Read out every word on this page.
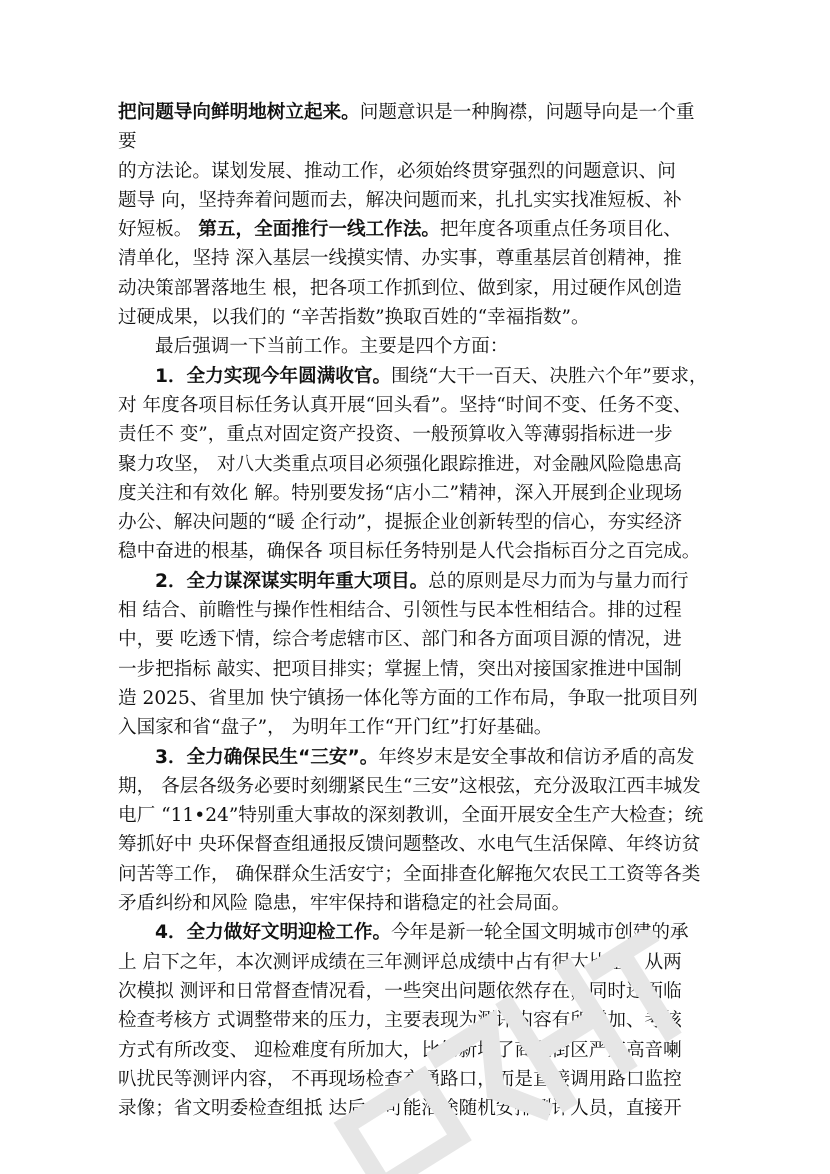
把问题导向鲜明地树立起来。问题意识是一种胸襟，问题导向是一个重
要
的方法论。谋划发展、推动工作，必须始终贯穿强烈的问题意识、问
题导 向，坚持奔着问题而去，解决问题而来，扎扎实实找准短板、补
好短板。 第五，全面推行一线工作法。把年度各项重点任务项目化、
清单化，坚持 深入基层一线摸实情、办实事，尊重基层首创精神，推
动决策部署落地生 根，把各项工作抓到位、做到家，用过硬作风创造
过硬成果，以我们的 “辛苦指数”换取百姓的“幸福指数”。
最后强调一下当前工作。主要是四个方面：
1．全力实现今年圆满收官。围绕“大干一百天、决胜六个年”要求，
对 年度各项目标任务认真开展“回头看”。坚持“时间不变、任务不变、
责任不 变”，重点对固定资产投资、一般预算收入等薄弱指标进一步
聚力攻坚， 对八大类重点项目必须强化跟踪推进，对金融风险隐患高
度关注和有效化 解。特别要发扬“店小二”精神，深入开展到企业现场
办公、解决问题的“暖 企行动”，提振企业创新转型的信心，夯实经济
稳中奋进的根基，确保各 项目标任务特别是人代会指标百分之百完成。
2．全力谋深谋实明年重大项目。总的原则是尽力而为与量力而行
相 结合、前瞻性与操作性相结合、引领性与民本性相结合。排的过程
中，要 吃透下情，综合考虑辖市区、部门和各方面项目源的情况，进
一步把指标 敲实、把项目排实；掌握上情，突出对接国家推进中国制
造 2025、省里加 快宁镇扬一体化等方面的工作布局，争取一批项目列
入国家和省“盘子”， 为明年工作“开门红”打好基础。
3．全力确保民生“三安”。年终岁末是安全事故和信访矛盾的高发
期， 各层各级务必要时刻绷紧民生“三安”这根弦，充分汲取江西丰城发
电厂 “11•24”特别重大事故的深刻教训，全面开展安全生产大检查；统
筹抓好中 央环保督查组通报反馈问题整改、水电气生活保障、年终访贫
问苦等工作， 确保群众生活安宁；全面排查化解拖欠农民工工资等各类
矛盾纠纷和风险 隐患，牢牢保持和谐稳定的社会局面。
4．全力做好文明迎检工作。今年是新一轮全国文明城市创建的承
上 启下之年，本次测评成绩在三年测评总成绩中占有很大比重。从两
次模拟 测评和日常督查情况看，一些突出问题依然存在，同时还面临
检查考核方 式调整带来的压力，主要表现为测评内容有所增加、考核
方式有所改变、 迎检难度有所加大，比如新增了商业街区严禁高音喇
叭扰民等测评内容， 不再现场检查交通路口，而是直接调用路口监控
录像；省文明委检查组抵 达后，可能沿途随机安排测评人员，直接开
